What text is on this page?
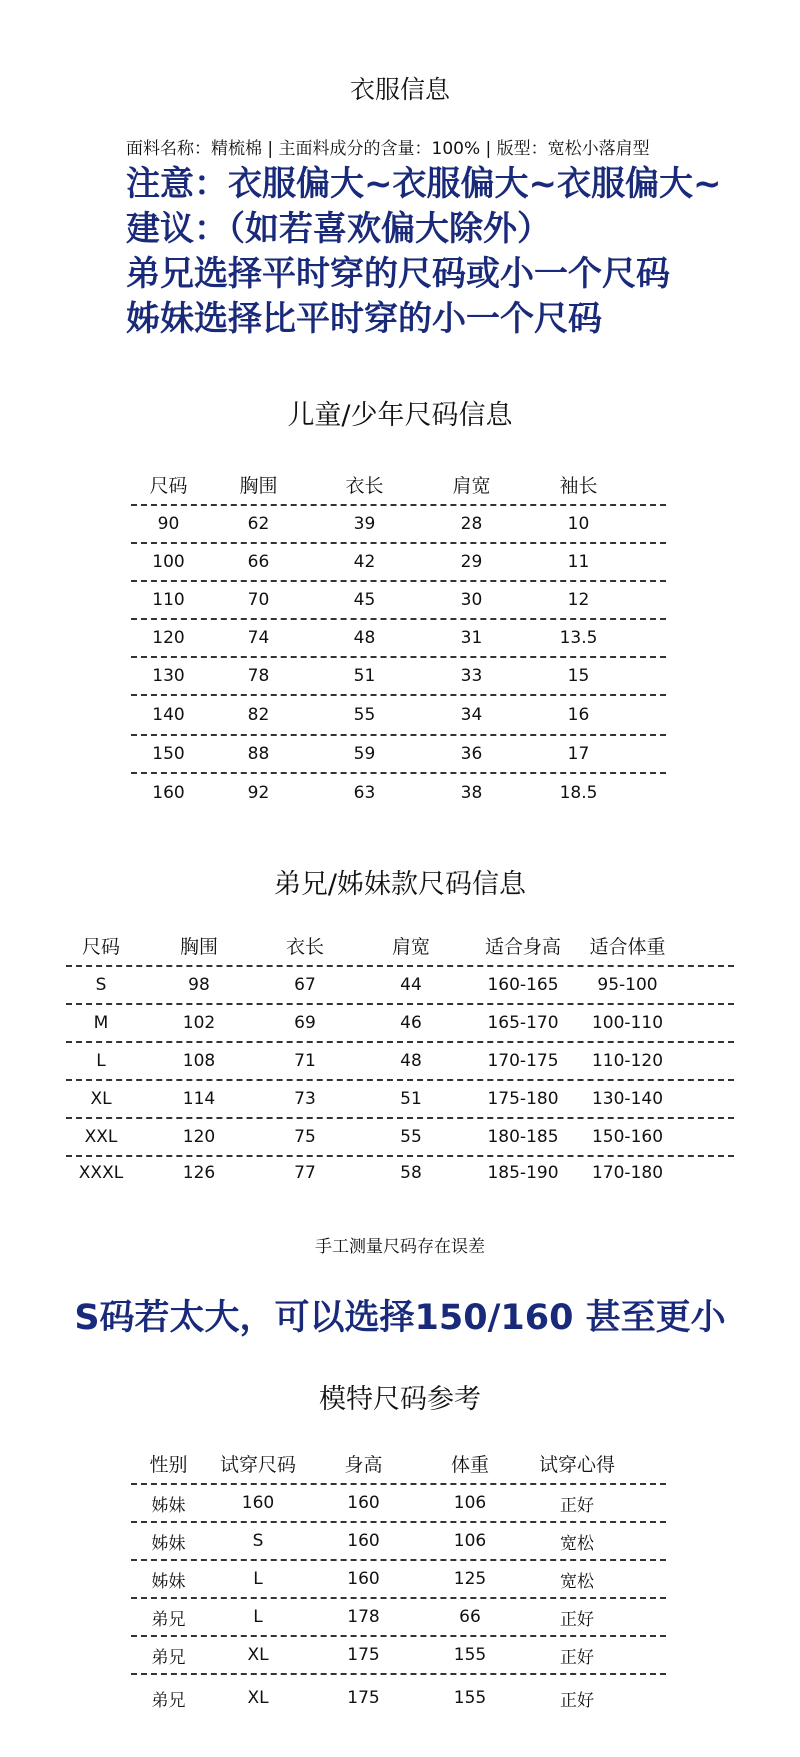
衣服信息
面料名称：精梳棉 | 主面料成分的含量：100% | 版型：宽松小落肩型
注意：衣服偏大~衣服偏大~衣服偏大~
建议：（如若喜欢偏大除外）
弟兄选择平时穿的尺码或小一个尺码
姊妹选择比平时穿的小一个尺码
儿童/少年尺码信息
尺码	胸围	衣长	肩宽	袖长
90	62	39	28	10
100	66	42	29	11
110	70	45	30	12
120	74	48	31	13.5
130	78	51	33	15
140	82	55	34	16
150	88	59	36	17
160	92	63	38	18.5
弟兄/姊妹款尺码信息
尺码	胸围	衣长	肩宽	适合身高	适合体重
S	98	67	44	160-165	95-100
M	102	69	46	165-170	100-110
L	108	71	48	170-175	110-120
XL	114	73	51	175-180	130-140
XXL	120	75	55	180-185	150-160
XXXL	126	77	58	185-190	170-180
手工测量尺码存在误差
S码若太大，可以选择150/160 甚至更小
模特尺码参考
性别	试穿尺码	身高	体重	试穿心得
姊妹	160	160	106	正好
姊妹	S	160	106	宽松
姊妹	L	160	125	宽松
弟兄	L	178	66	正好
弟兄	XL	175	155	正好
弟兄	XL	175	155	正好
